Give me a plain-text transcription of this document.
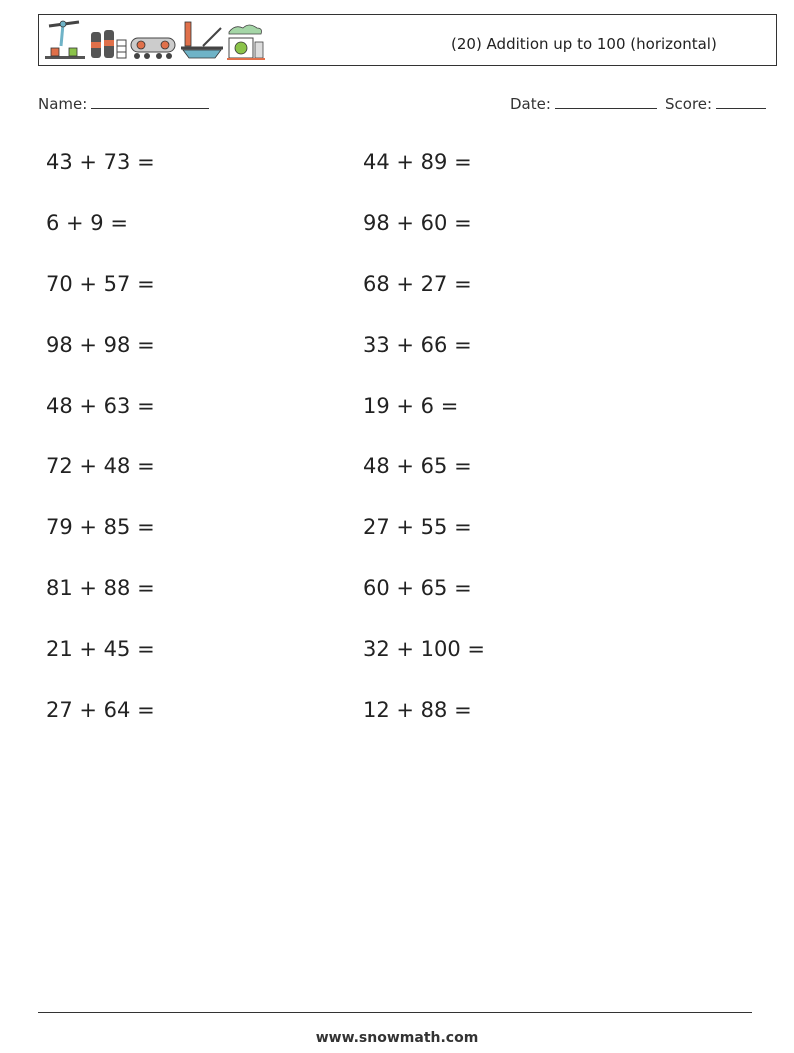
(20) Addition up to 100 (horizontal)
Name:	Date:	Score:
43 + 73 =
6 + 9 =
70 + 57 =
98 + 98 =
48 + 63 =
72 + 48 =
79 + 85 =
81 + 88 =
21 + 45 =
27 + 64 =
44 + 89 =
98 + 60 =
68 + 27 =
33 + 66 =
19 + 6 =
48 + 65 =
27 + 55 =
60 + 65 =
32 + 100 =
12 + 88 =
www.snowmath.com
